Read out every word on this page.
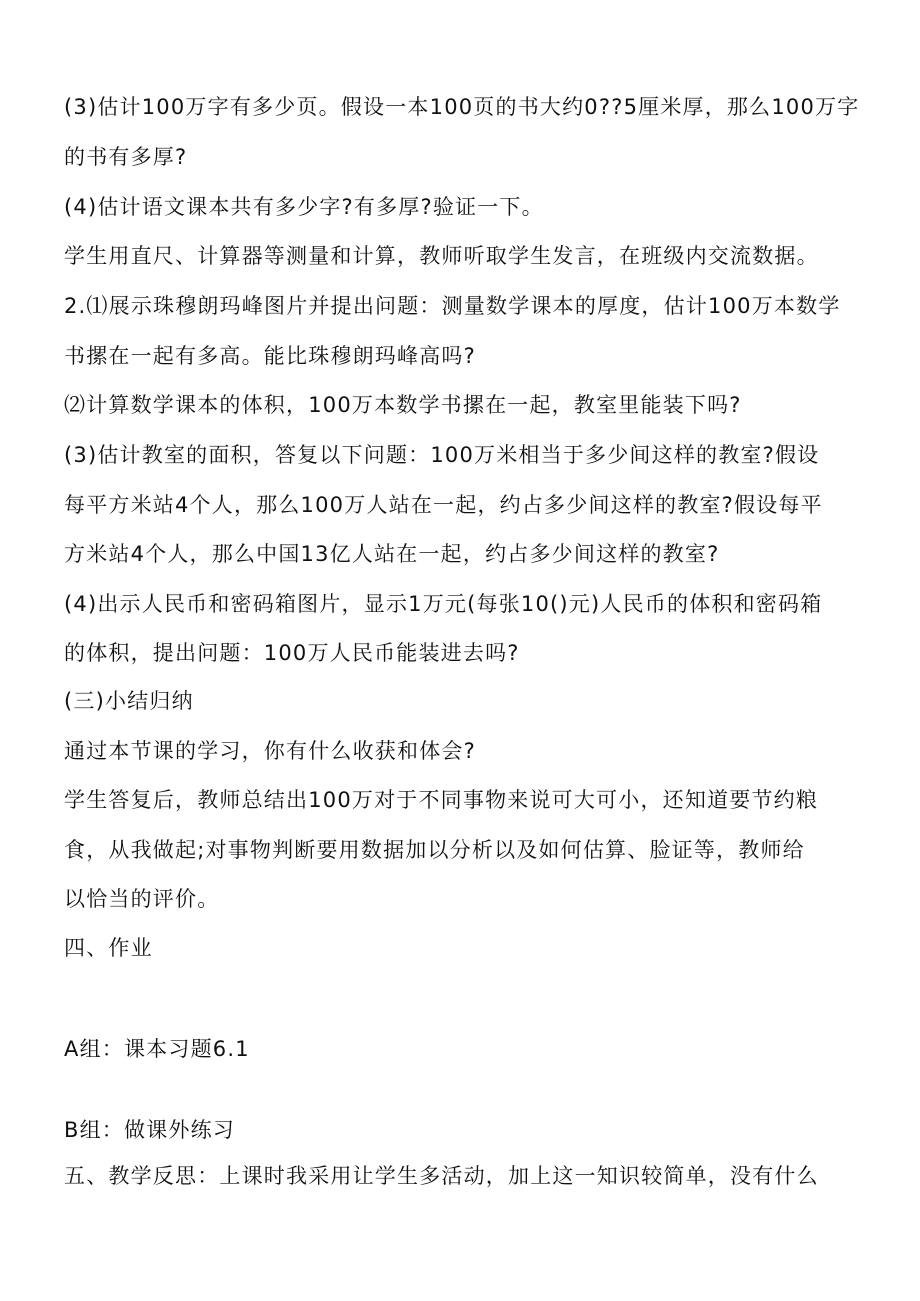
(3)估计100万字有多少页。假设一本100页的书大约0??5厘米厚，那么100万字

的书有多厚?

(4)估计语文课本共有多少字?有多厚?验证一下。

学生用直尺、计算器等测量和计算，教师听取学生发言，在班级内交流数据。

2.⑴展示珠穆朗玛峰图片并提出问题：测量数学课本的厚度，估计100万本数学

书摞在一起有多高。能比珠穆朗玛峰高吗?

⑵计算数学课本的体积，100万本数学书摞在一起，教室里能装下吗?

(3)估计教室的面积，答复以下问题：100万米相当于多少间这样的教室?假设

每平方米站4个人，那么100万人站在一起，约占多少间这样的教室?假设每平

方米站4个人，那么中国13亿人站在一起，约占多少间这样的教室?

(4)出示人民币和密码箱图片，显示1万元(每张10()元)人民币的体积和密码箱

的体积，提出问题：100万人民币能装进去吗?

(三)小结归纳

通过本节课的学习，你有什么收获和体会?

学生答复后，教师总结出100万对于不同事物来说可大可小，还知道要节约粮

食，从我做起;对事物判断要用数据加以分析以及如何估算、脸证等，教师给

以恰当的评价。

四、作业

A组：课本习题6.1

B组：做课外练习

五、教学反思：上课时我采用让学生多活动，加上这一知识较简单，没有什么
